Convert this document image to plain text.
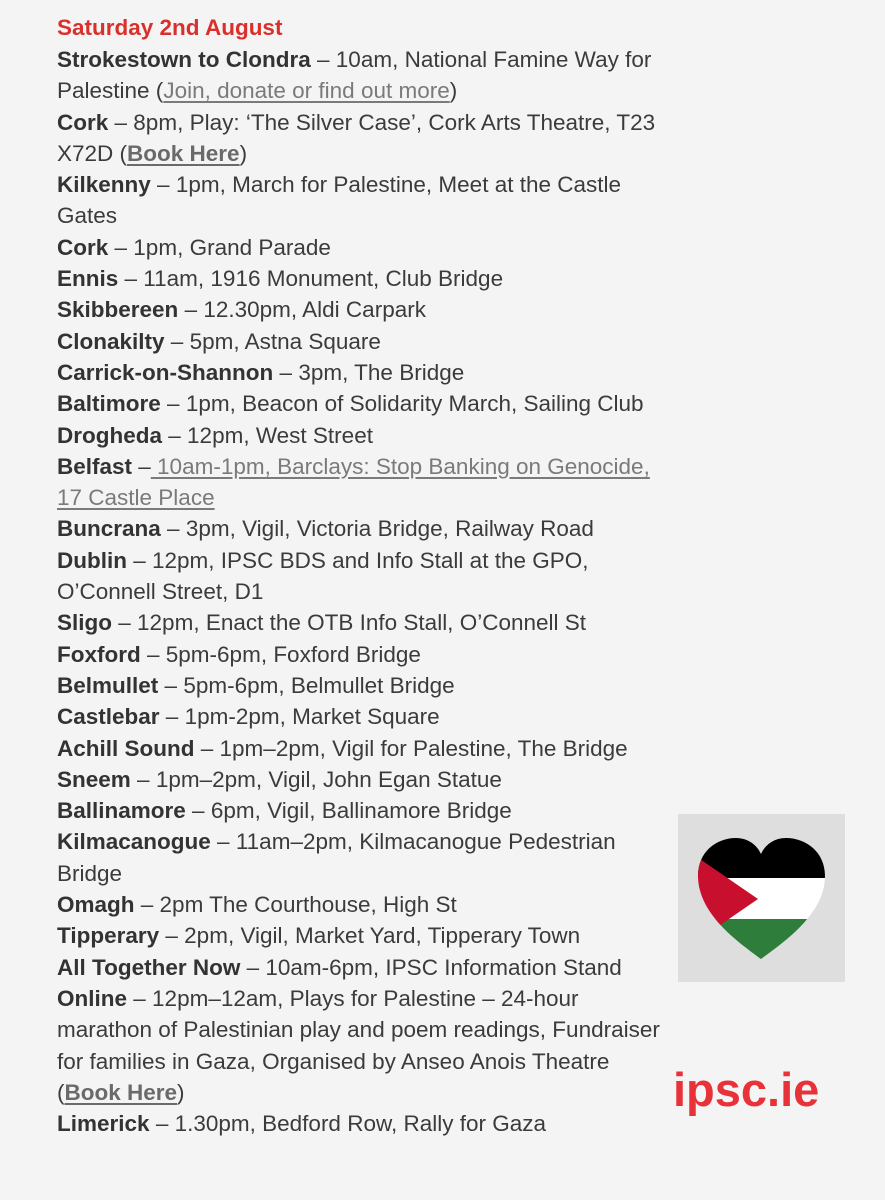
Saturday 2nd August

Strokestown to Clondra – 10am, National Famine Way for Palestine (Join, donate or find out more)

Cork – 8pm, Play: ‘The Silver Case’, Cork Arts Theatre, T23 X72D (Book Here)

Kilkenny – 1pm, March for Palestine, Meet at the Castle Gates

Cork – 1pm, Grand Parade

Ennis – 11am, 1916 Monument, Club Bridge

Skibbereen – 12.30pm, Aldi Carpark

Clonakilty – 5pm, Astna Square

Carrick-on-Shannon – 3pm, The Bridge

Baltimore – 1pm, Beacon of Solidarity March, Sailing Club

Drogheda – 12pm, West Street

Belfast – 10am-1pm, Barclays: Stop Banking on Genocide, 17 Castle Place

Buncrana – 3pm, Vigil, Victoria Bridge, Railway Road

Dublin – 12pm, IPSC BDS and Info Stall at the GPO, O’Connell Street, D1

Sligo – 12pm, Enact the OTB Info Stall, O’Connell St

Foxford – 5pm-6pm, Foxford Bridge

Belmullet – 5pm-6pm, Belmullet Bridge

Castlebar – 1pm-2pm, Market Square

Achill Sound – 1pm–2pm, Vigil for Palestine, The Bridge

Sneem – 1pm–2pm, Vigil, John Egan Statue

Ballinamore – 6pm, Vigil, Ballinamore Bridge

Kilmacanogue – 11am–2pm, Kilmacanogue Pedestrian Bridge

Omagh – 2pm The Courthouse, High St

Tipperary – 2pm, Vigil, Market Yard, Tipperary Town

All Together Now – 10am-6pm, IPSC Information Stand

Online – 12pm–12am, Plays for Palestine – 24-hour marathon of Palestinian play and poem readings, Fundraiser for families in Gaza, Organised by Anseo Anois Theatre (Book Here)

Limerick – 1.30pm, Bedford Row, Rally for Gaza

ipsc.ie
